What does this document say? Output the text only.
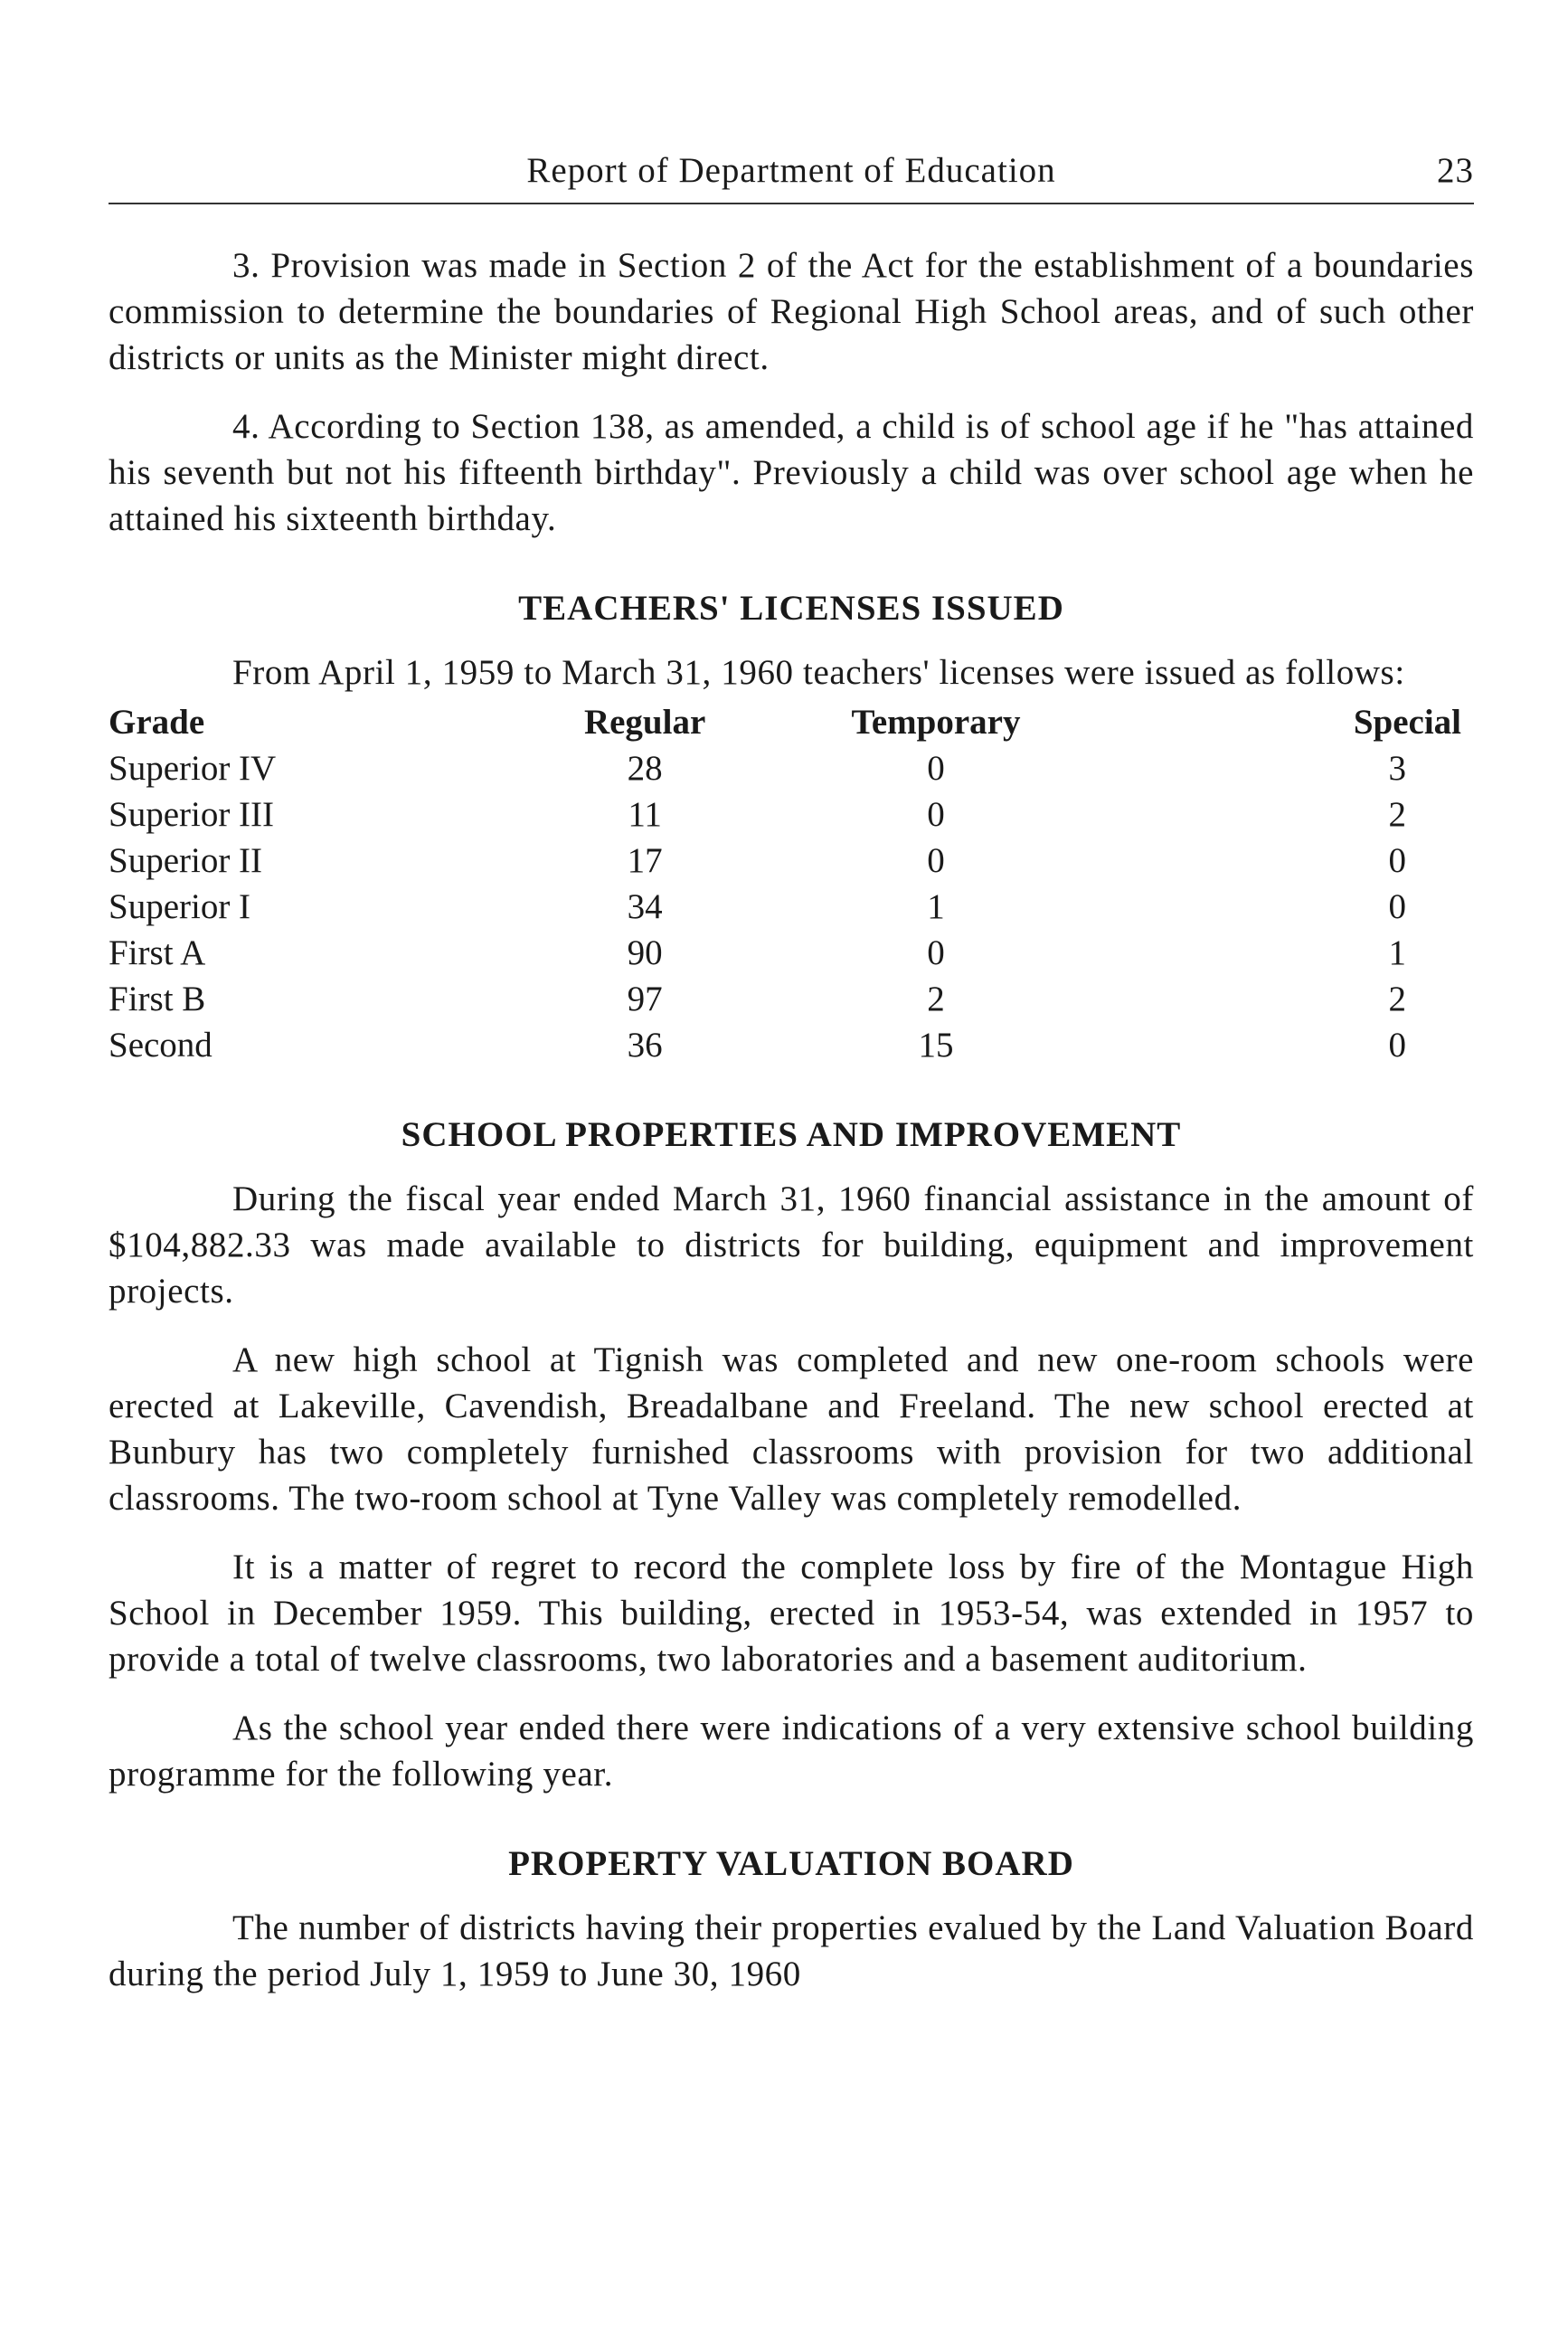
Report of Department of Education	23

3. Provision was made in Section 2 of the Act for the establishment of a boundaries commission to determine the boundaries of Regional High School areas, and of such other districts or units as the Minister might direct.

4. According to Section 138, as amended, a child is of school age if he "has attained his seventh but not his fifteenth birthday". Previously a child was over school age when he attained his sixteenth birthday.

TEACHERS' LICENSES ISSUED

From April 1, 1959 to March 31, 1960 teachers' licenses were issued as follows:

Grade	Regular	Temporary	Special
Superior IV	28	0	3
Superior III	11	0	2
Superior II	17	0	0
Superior I	34	1	0
First A	90	0	1
First B	97	2	2
Second	36	15	0
SCHOOL PROPERTIES AND IMPROVEMENT

During the fiscal year ended March 31, 1960 financial assistance in the amount of $104,882.33 was made available to districts for building, equipment and improvement projects.

A new high school at Tignish was completed and new one-room schools were erected at Lakeville, Cavendish, Breadalbane and Freeland. The new school erected at Bunbury has two completely furnished classrooms with provision for two additional classrooms. The two-room school at Tyne Valley was completely remodelled.

It is a matter of regret to record the complete loss by fire of the Montague High School in December 1959. This building, erected in 1953-54, was extended in 1957 to provide a total of twelve classrooms, two laboratories and a basement auditorium.

As the school year ended there were indications of a very extensive school building programme for the following year.

PROPERTY VALUATION BOARD

The number of districts having their properties evalued by the Land Valuation Board during the period July 1, 1959 to June 30, 1960
